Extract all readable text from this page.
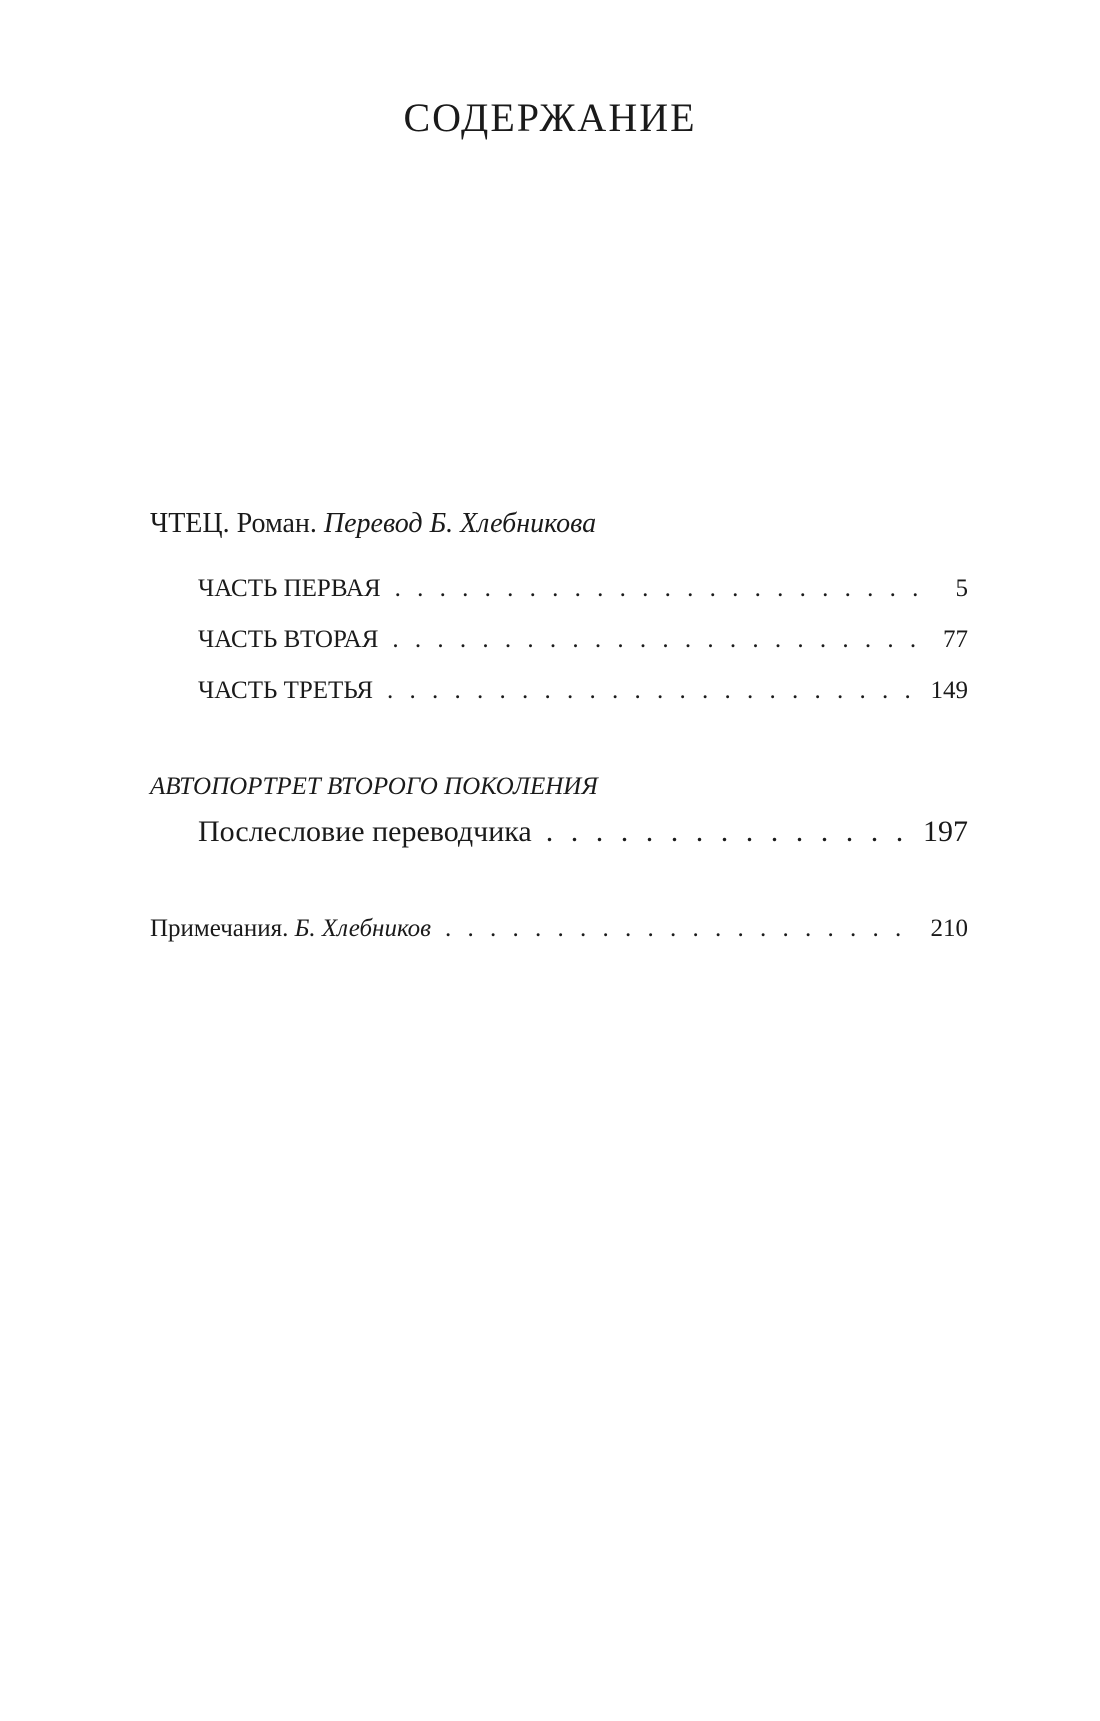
СОДЕРЖАНИЕ
ЧТЕЦ. Роман. Перевод Б. Хлебникова
ЧАСТЬ ПЕРВАЯ . . .	5
ЧАСТЬ ВТОРАЯ . . .	77
ЧАСТЬ ТРЕТЬЯ . . .	149
АВТОПОРТРЕТ ВТОРОГО ПОКОЛЕНИЯ
Послесловие переводчика . . .	197
Примечания. Б. Хлебников . . .	210
